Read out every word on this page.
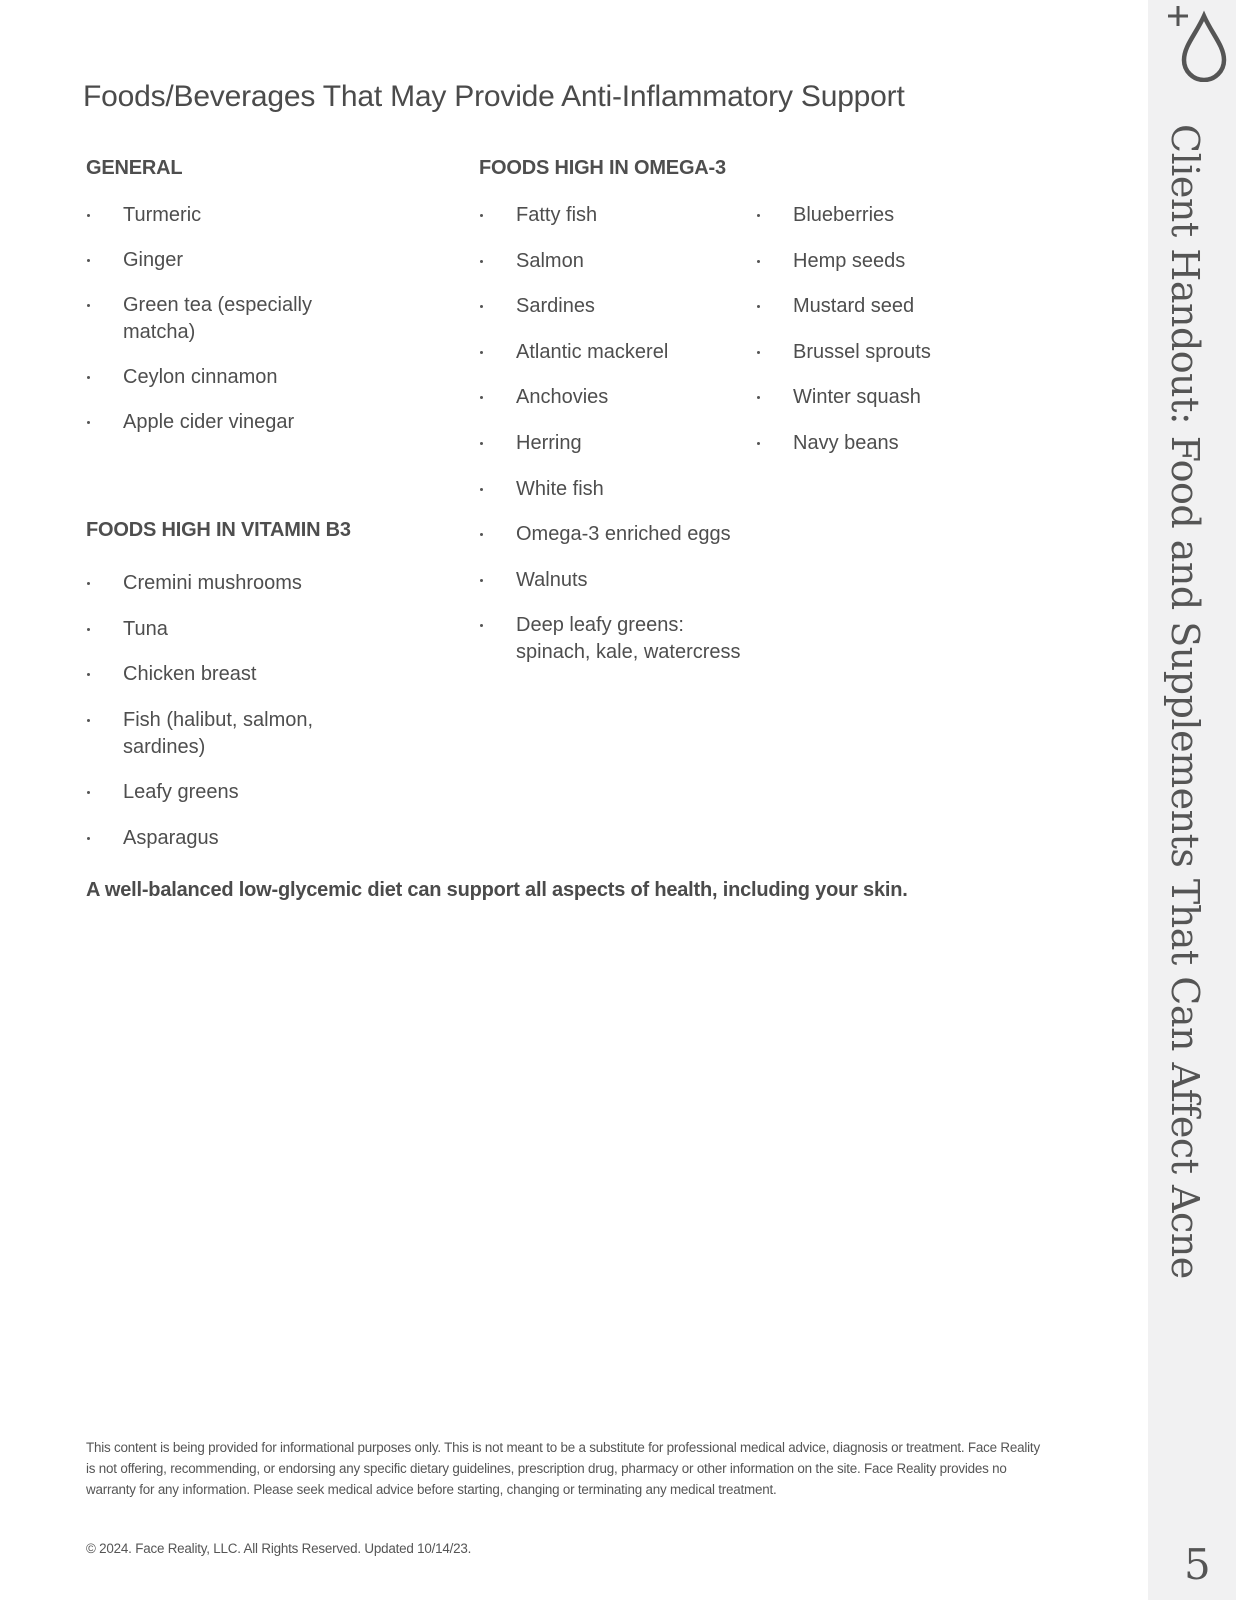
Foods/Beverages That May Provide Anti-Inflammatory Support
GENERAL
Turmeric
Ginger
Green tea (especially matcha)
Ceylon cinnamon
Apple cider vinegar
FOODS HIGH IN VITAMIN B3
Cremini mushrooms
Tuna
Chicken breast
Fish (halibut, salmon, sardines)
Leafy greens
Asparagus
FOODS HIGH IN OMEGA-3
Fatty fish
Salmon
Sardines
Atlantic mackerel
Anchovies
Herring
White fish
Omega-3 enriched eggs
Walnuts
Deep leafy greens: spinach, kale, watercress
Blueberries
Hemp seeds
Mustard seed
Brussel sprouts
Winter squash
Navy beans

A well-balanced low-glycemic diet can support all aspects of health, including your skin.

This content is being provided for informational purposes only. This is not meant to be a substitute for professional medical advice, diagnosis or treatment. Face Reality is not offering, recommending, or endorsing any specific dietary guidelines, prescription drug, pharmacy or other information on the site. Face Reality provides no warranty for any information. Please seek medical advice before starting, changing or terminating any medical treatment.

© 2024. Face Reality, LLC. All Rights Reserved. Updated 10/14/23.

Client Handout: Food and Supplements That Can Affect Acne
5
